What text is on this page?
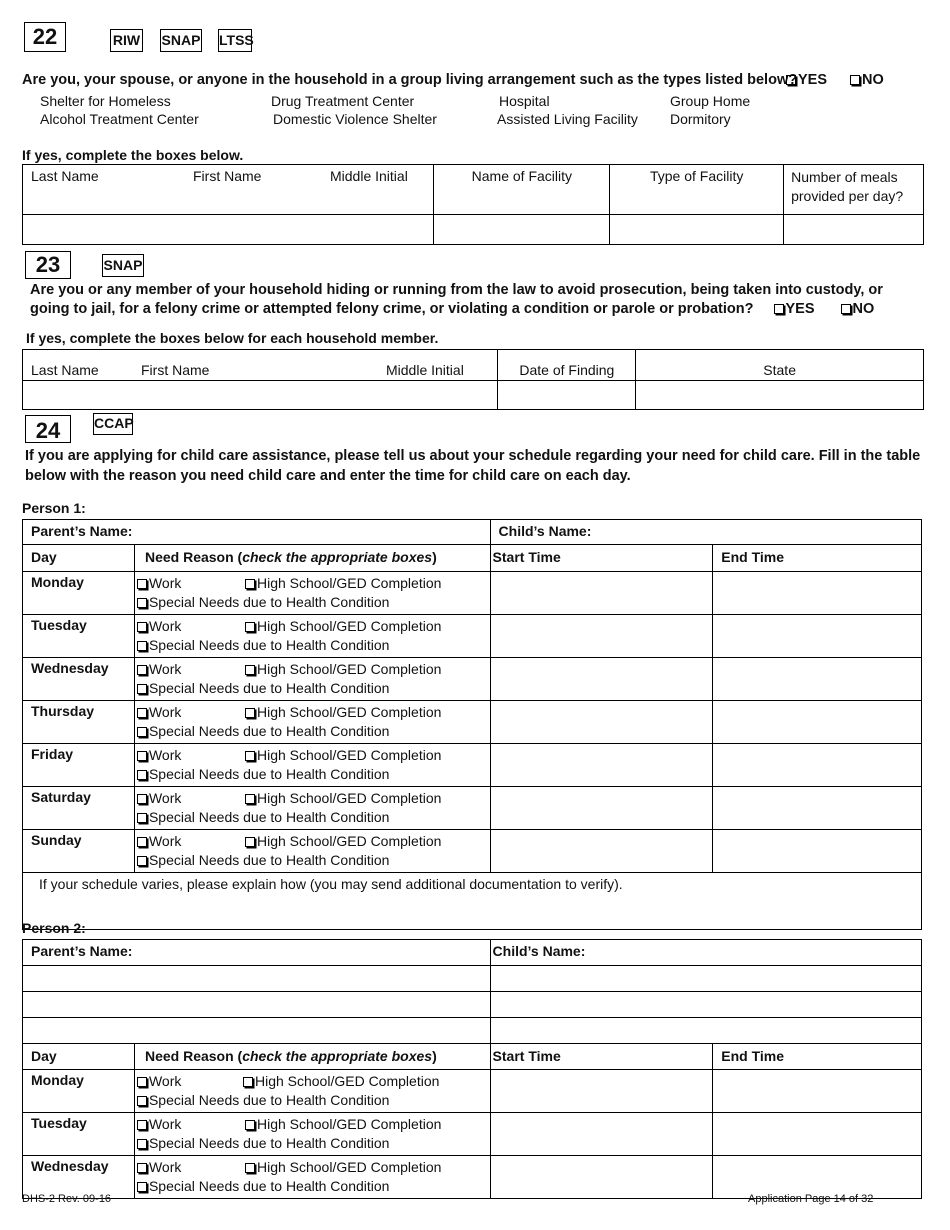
22	RIW SNAP LTSS
Are you, your spouse, or anyone in the household in a group living arrangement such as the types listed below? YES	NO
Shelter for Homeless
Alcohol Treatment Center
Drug Treatment Center
Domestic Violence Shelter
Hospital
Assisted Living Facility
Group Home
Dormitory
If yes, complete the boxes below.
Last Name First Name Middle Initial	Name of Facility	Type of Facility	Number of meals provided per day?

23	SNAP
Are you or any member of your household hiding or running from the law to avoid prosecution, being taken into custody, or
going to jail, for a felony crime or attempted felony crime, or violating a condition or parole or probation? YES	NO
If yes, complete the boxes below for each household member.
Last Name First Name Middle Initial	Date of Finding	State

24	CCAP
If you are applying for child care assistance, please tell us about your schedule regarding your need for child care. Fill in the table
below with the reason you need child care and enter the time for child care on each day.
Person 1:
Parent’s Name:		Child’s Name:	
Day	Need Reason (check the appropriate boxes)	Start Time	End Time
Monday	Work High School/GED Completion
Special Needs due to Health Condition		

Tuesday	Work High School/GED Completion
Special Needs due to Health Condition		

Wednesday	Work High School/GED Completion
Special Needs due to Health Condition		

Thursday	Work High School/GED Completion
Special Needs due to Health Condition		

Friday	Work High School/GED Completion
Special Needs due to Health Condition		

Saturday	Work High School/GED Completion
Special Needs due to Health Condition		

Sunday	Work High School/GED Completion
Special Needs due to Health Condition		

If your schedule varies, please explain how (you may send additional documentation to verify).			
Person 2:
Parent’s Name:		Child’s Name:	

Day	Need Reason (check the appropriate boxes)	Start Time	End Time
Monday	Work High School/GED Completion
Special Needs due to Health Condition		

Tuesday	Work High School/GED Completion
Special Needs due to Health Condition		

Wednesday	Work High School/GED Completion
Special Needs due to Health Condition		

DHS-2 Rev. 09-16	Application Page 14 of 32
